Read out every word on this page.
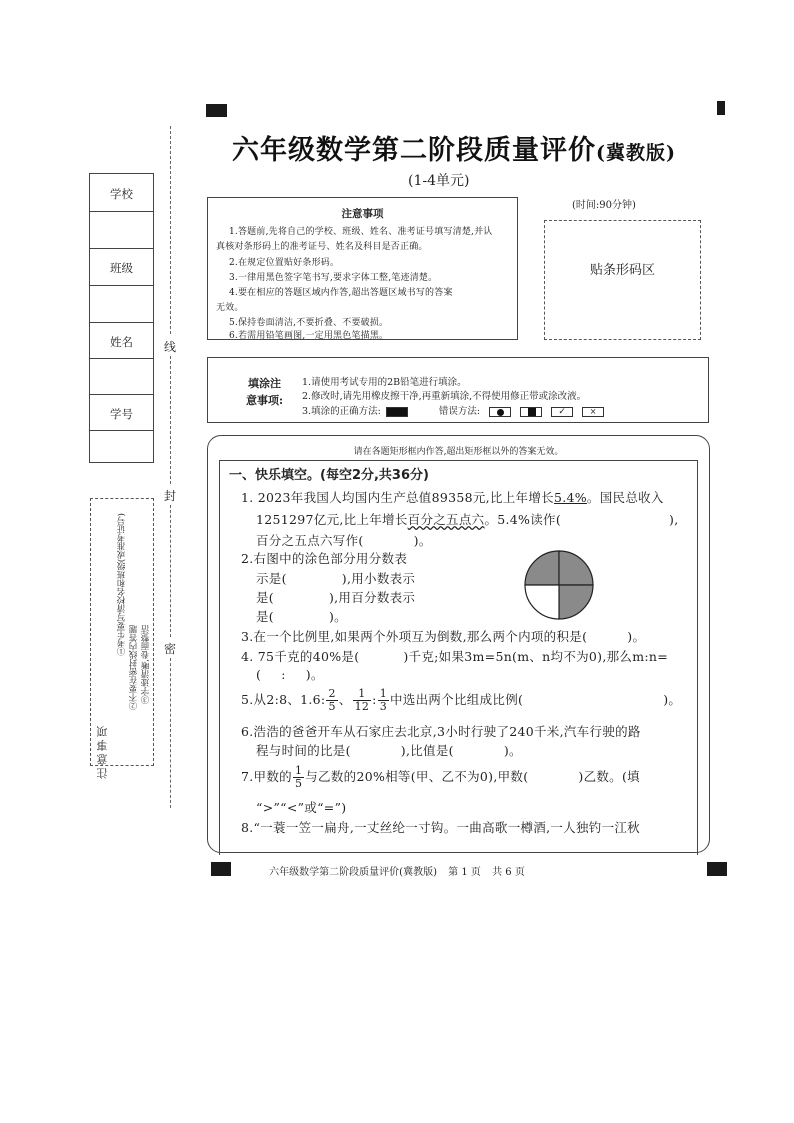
六年级数学第二阶段质量评价(冀教版)
(1-4单元)
(时间:90分钟)
注意事项
1.答题前,先将自己的学校、班级、姓名、准考证号填写清楚,并认
真核对条形码上的准考证号、姓名及科目是否正确。
2.在规定位置贴好条形码。
3.一律用黑色签字笔书写,要求字体工整,笔迹清楚。
4.要在相应的答题区域内作答,超出答题区域书写的答案
无效。
5.保持卷面清洁,不要折叠、不要破损。
6.若需用铅笔画图,一定用黑色笔描黑。
贴条形码区
填涂注
意事项:
1.请使用考试专用的2B铅笔进行填涂。
2.修改时,请先用橡皮擦干净,再重新填涂,不得使用修正带或涂改液。
3.填涂的正确方法:	错误方法:
	✓	×
学校
班级
姓名
学号
线
封
密
注意事项
①考生要写清校名和班级(或准考证号)
②不要在密封线内答题 ③字迹清晰,卷面整洁
请在各题矩形框内作答,超出矩形框以外的答案无效。
一、快乐填空。(每空2分,共36分)
1. 2023年我国人均国内生产总值89358元,比上年增长5.4%。国民总收入
1251297亿元,比上年增长百分之五点六。5.4%读作(	),
百分之五点六写作(	)。
2.右图中的涂色部分用分数表
示是(	),用小数表示
是(	),用百分数表示
是(	)。
3.在一个比例里,如果两个外项互为倒数,那么两个内项的积是(	)。
4. 75千克的40%是(	)千克;如果3m=5n(m、n均不为0),那么m:n=
( : )。
5.从2:8、1.6: $\frac{2}{5}$ 、 $\frac{1}{12}$ : $\frac{1}{3}$ 中选出两个比组成比例(	)。
6.浩浩的爸爸开车从石家庄去北京,3小时行驶了240千米,汽车行驶的路
程与时间的比是(	),比值是(	)。
7.甲数的 $\frac{1}{5}$ 与乙数的20%相等(甲、乙不为0),甲数(	)乙数。(填
“>”“<”或“=”)
8.“一蓑一笠一扁舟,一丈丝纶一寸钩。一曲高歌一樽酒,一人独钓一江秋
六年级数学第二阶段质量评价(冀教版) 第 1 页 共 6 页
